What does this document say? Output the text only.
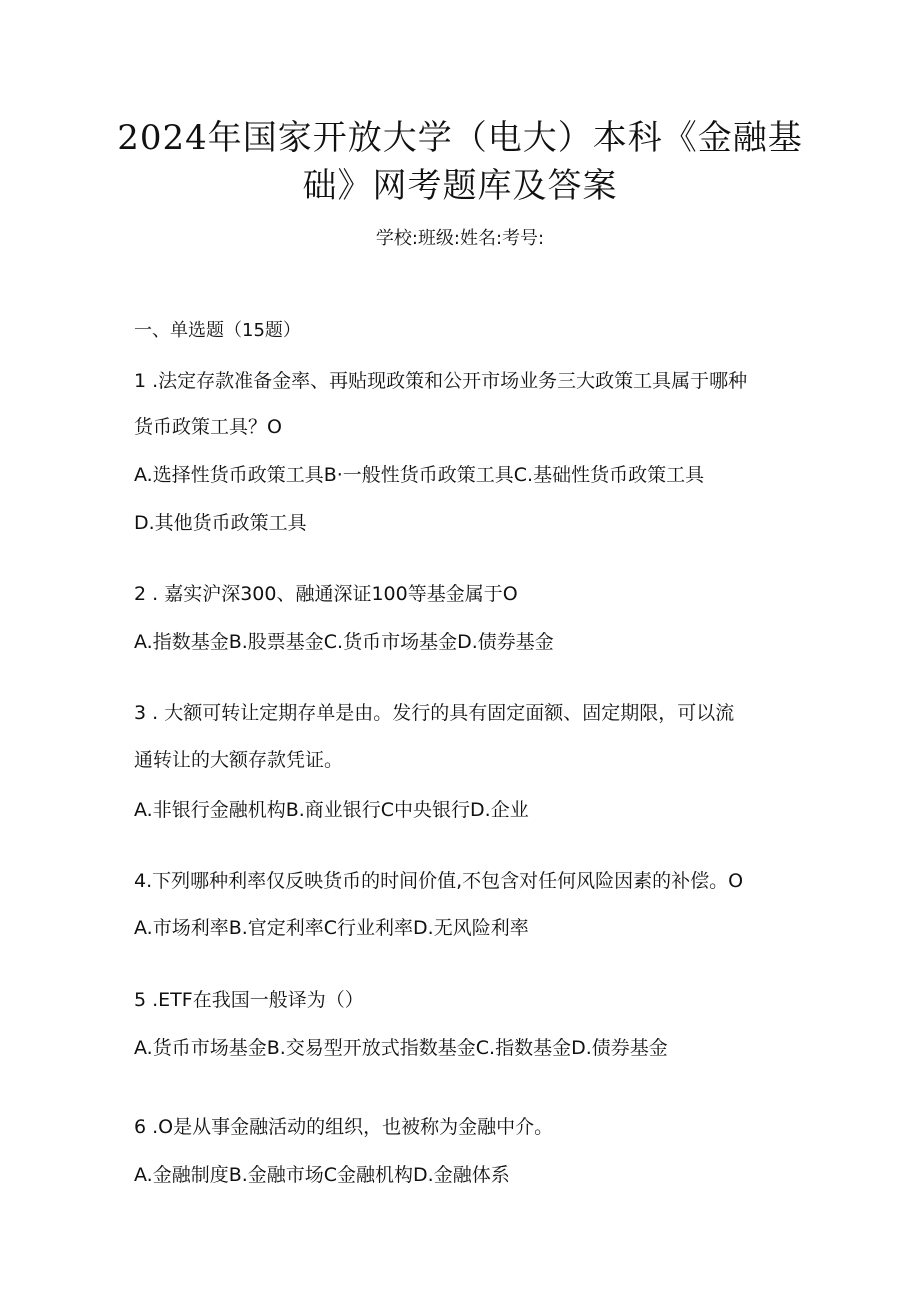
2024年国家开放大学（电大）本科《金融基
础》网考题库及答案
学校:班级:姓名:考号:
一、单选题（15题）
1 .法定存款准备金率、再贴现政策和公开市场业务三大政策工具属于哪种
货币政策工具？O
A.选择性货币政策工具B·一般性货币政策工具C.基础性货币政策工具
D.其他货币政策工具
2 . 嘉实沪深300、融通深证100等基金属于O
A.指数基金B.股票基金C.货币市场基金D.债券基金
3 . 大额可转让定期存单是由。发行的具有固定面额、固定期限，可以流
通转让的大额存款凭证。
A.非银行金融机构B.商业银行C中央银行D.企业
4.下列哪种利率仅反映货币的时间价值,不包含对任何风险因素的补偿。O
A.市场利率B.官定利率C行业利率D.无风险利率
5 .ETF在我国一般译为（）
A.货币市场基金B.交易型开放式指数基金C.指数基金D.债券基金
6 .O是从事金融活动的组织，也被称为金融中介。
A.金融制度B.金融市场C金融机构D.金融体系
